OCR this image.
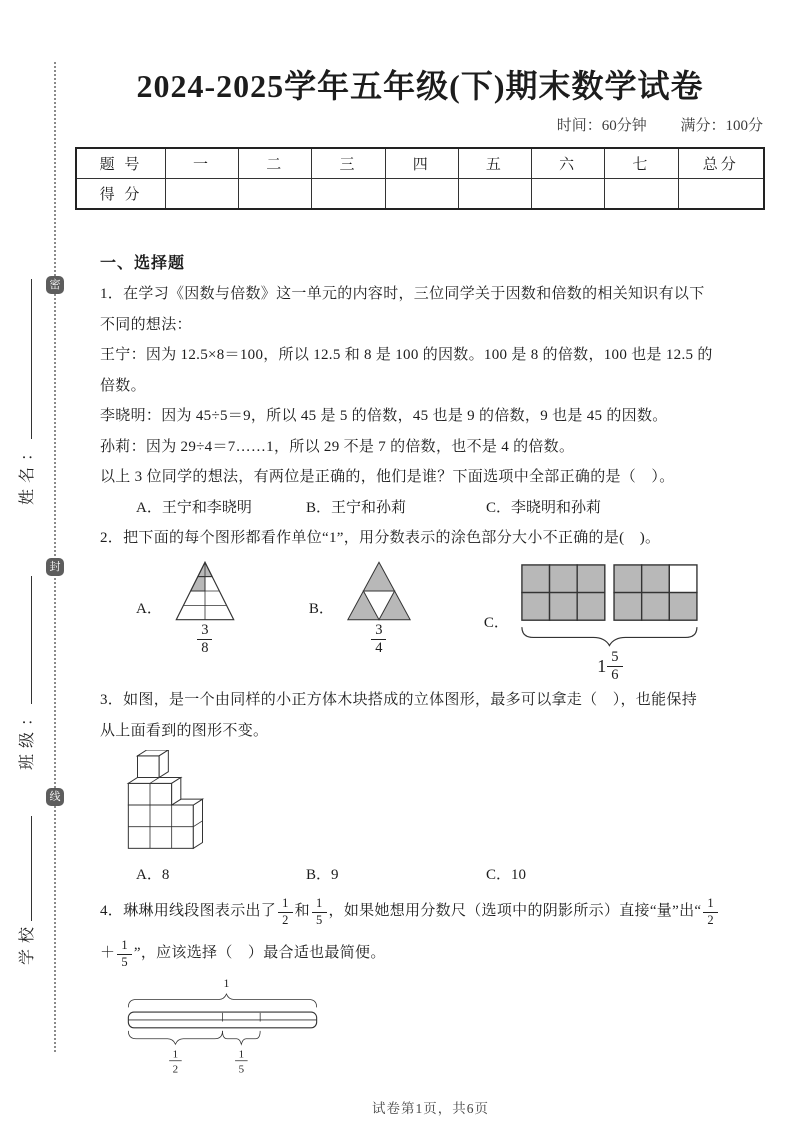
密
封
线
姓名：
班级：
学校
2024-2025学年五年级(下)期末数学试卷
时间：60分钟 满分：100分
题 号	一	二	三	四	五	六	七	总分
得 分								
一、选择题

1．在学习《因数与倍数》这一单元的内容时，三位同学关于因数和倍数的相关知识有以下

不同的想法：

王宁：因为 12.5×8＝100，所以 12.5 和 8 是 100 的因数。100 是 8 的倍数，100 也是 12.5 的

倍数。

李晓明：因为 45÷5＝9，所以 45 是 5 的倍数，45 也是 9 的倍数，9 也是 45 的因数。

孙莉：因为 29÷4＝7……1，所以 29 不是 7 的倍数，也不是 4 的倍数。

以上 3 位同学的想法，有两位是正确的，他们是谁？下面选项中全部正确的是（　）。

A．王宁和李晓明	B．王宁和孙莉	C．李晓明和孙莉

2．把下面的每个图形都看作单位“1”，用分数表示的涂色部分大小不正确的是(　)。

A．
3
8
B．
3
4
C．
1 5
6

3．如图，是一个由同样的小正方体木块搭成的立体图形，最多可以拿走（　），也能保持

从上面看到的图形不变。

A．8	B．9	C．10

4．琳琳用线段图表示出了 $\frac{1}{2}$ 和 $\frac{1}{5}$ ，如果她想用分数尺（选项中的阴影所示）直接“量”出“ $\frac{1}{2}$

＋ $\frac{1}{5}$ ”，应该选择（　）最合适也最简便。

1
1
2
1
5
试卷第1页，共6页
